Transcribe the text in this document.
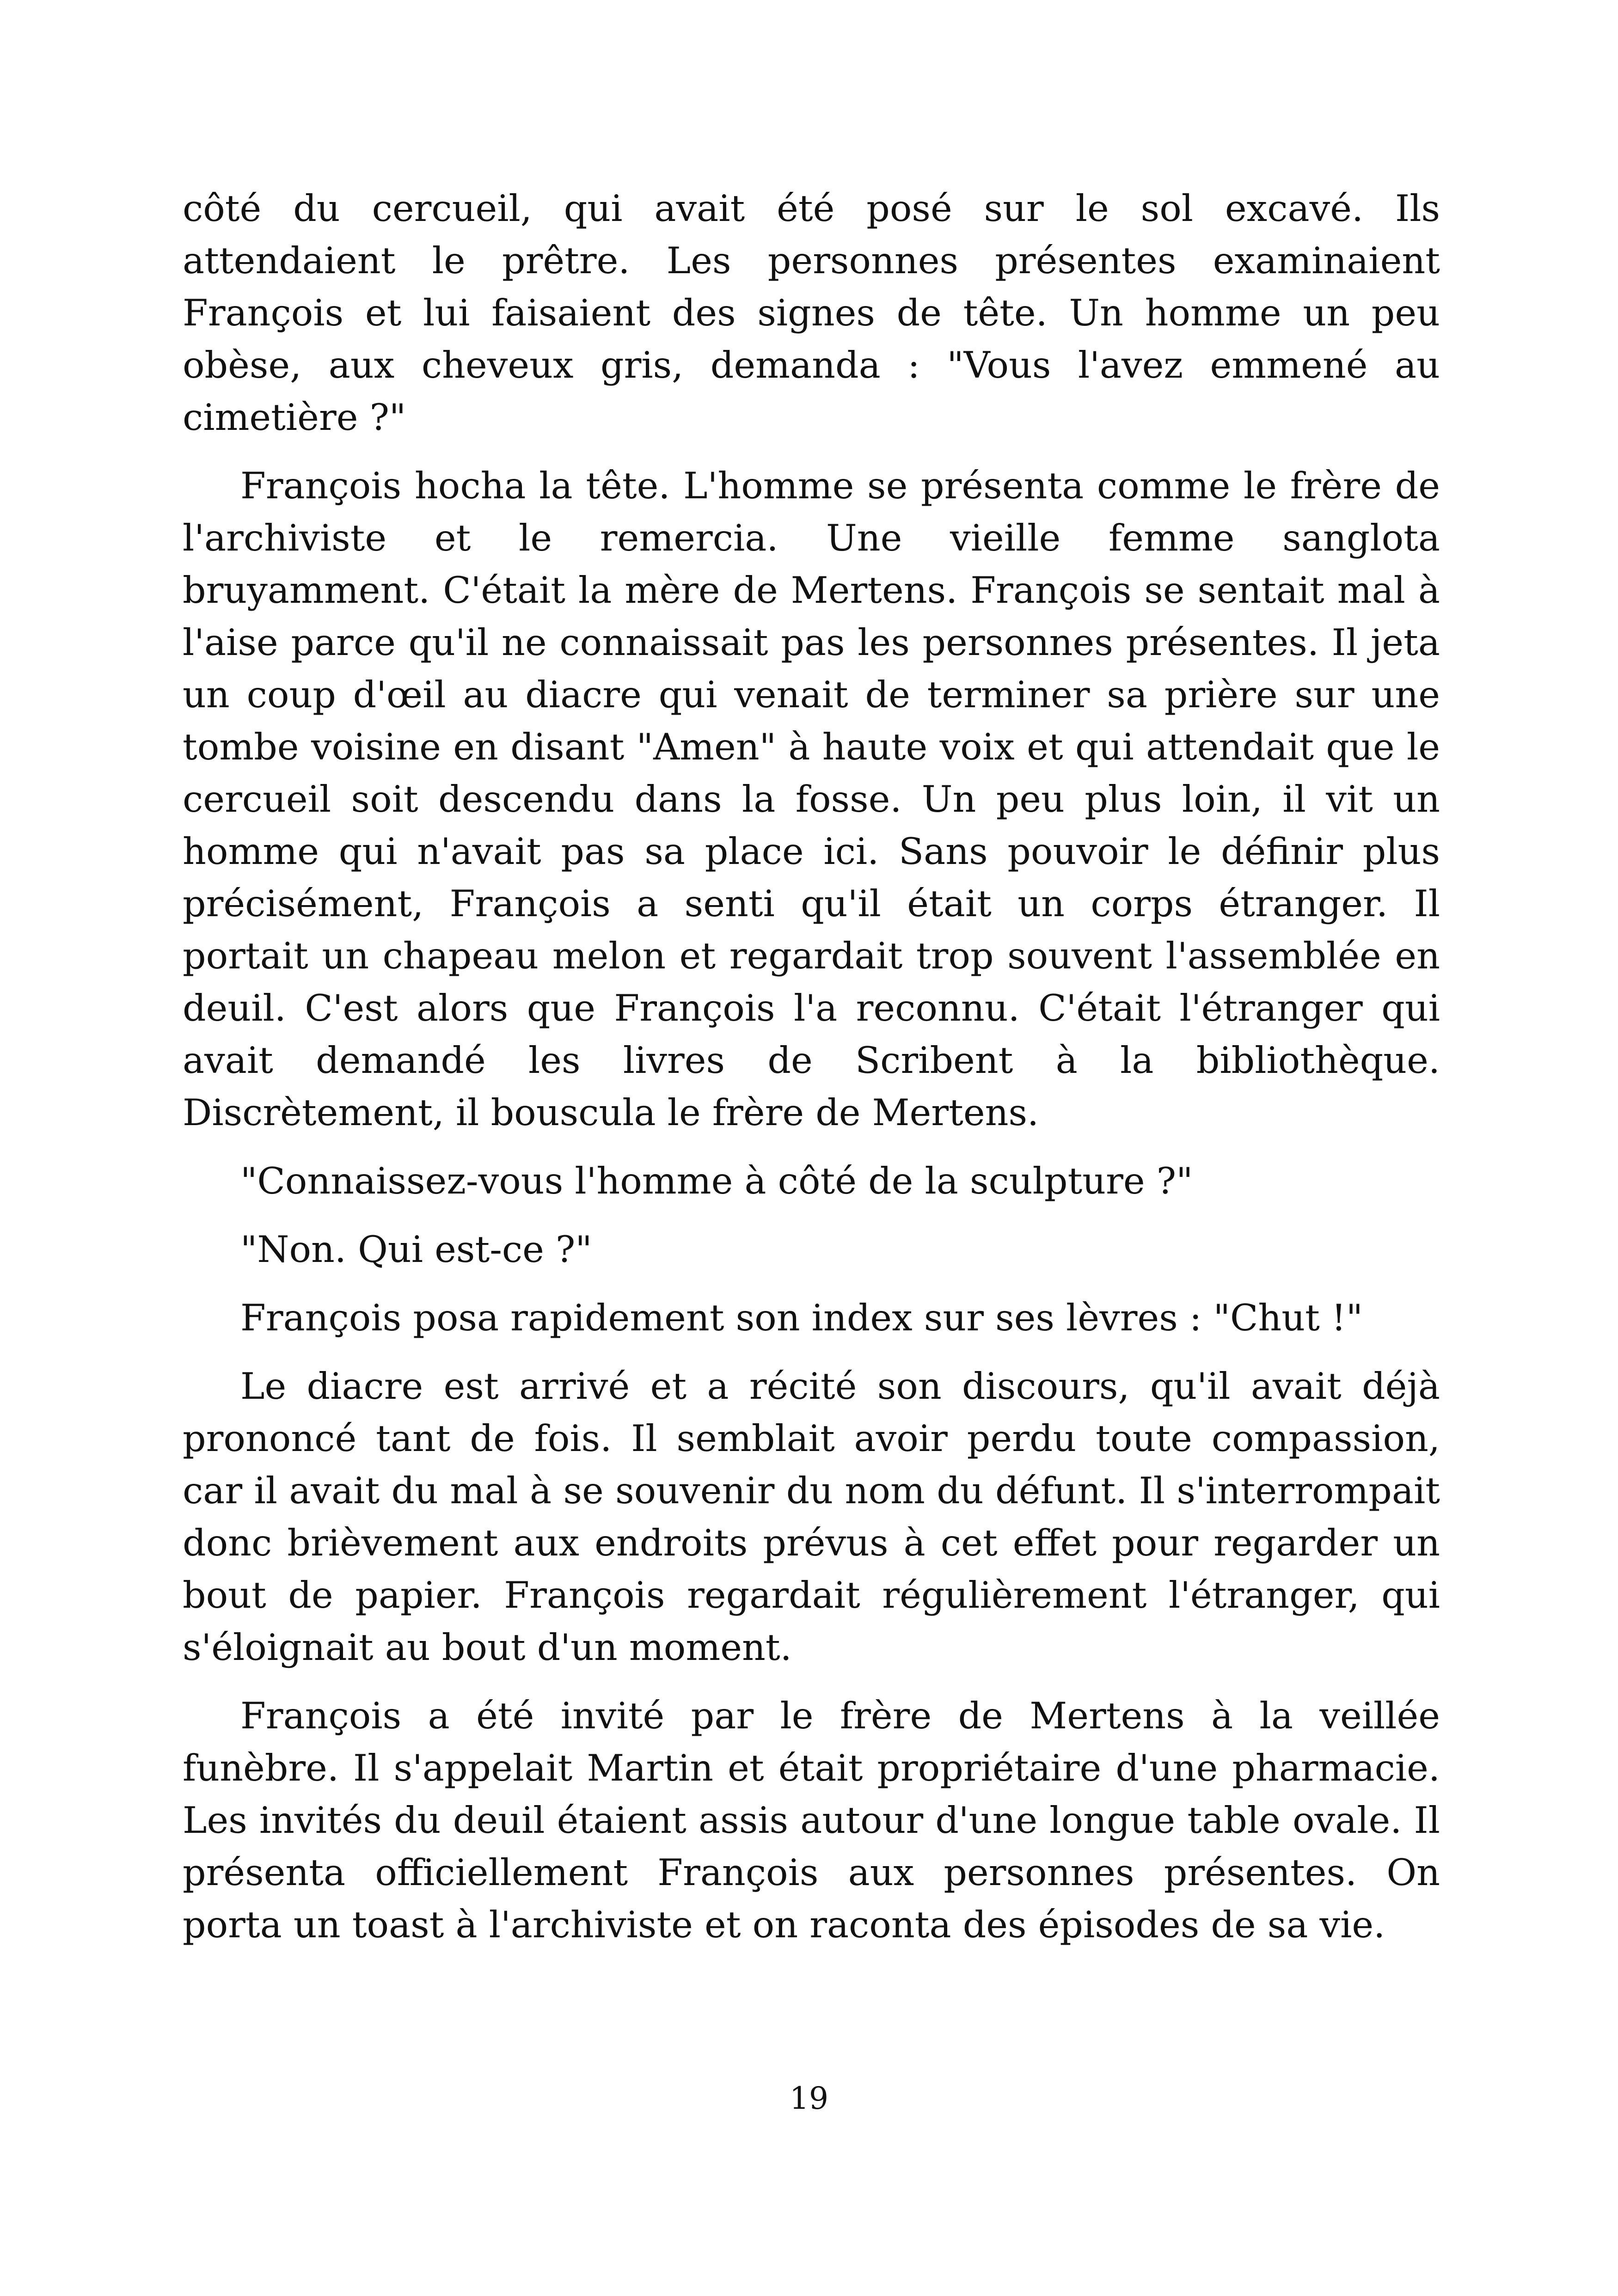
côté du cercueil, qui avait été posé sur le sol excavé. Ils attendaient le prêtre. Les personnes présentes examinaient François et lui faisaient des signes de tête. Un homme un peu obèse, aux cheveux gris, demanda : "Vous l'avez emmené au cimetière ?"

François hocha la tête. L'homme se présenta comme le frère de l'archiviste et le remercia. Une vieille femme sanglota bruyamment. C'était la mère de Mertens. François se sentait mal à l'aise parce qu'il ne connaissait pas les personnes présentes. Il jeta un coup d'œil au diacre qui venait de terminer sa prière sur une tombe voisine en disant "Amen" à haute voix et qui attendait que le cercueil soit descendu dans la fosse. Un peu plus loin, il vit un homme qui n'avait pas sa place ici. Sans pouvoir le définir plus précisément, François a senti qu'il était un corps étranger. Il portait un chapeau melon et regardait trop souvent l'assemblée en deuil. C'est alors que François l'a reconnu. C'était l'étranger qui avait demandé les livres de Scribent à la bibliothèque. Discrètement, il bouscula le frère de Mertens.

"Connaissez-vous l'homme à côté de la sculpture ?"

"Non. Qui est-ce ?"

François posa rapidement son index sur ses lèvres : "Chut !"

Le diacre est arrivé et a récité son discours, qu'il avait déjà prononcé tant de fois. Il semblait avoir perdu toute compassion, car il avait du mal à se souvenir du nom du défunt. Il s'interrompait donc brièvement aux endroits prévus à cet effet pour regarder un bout de papier. François regardait régulièrement l'étranger, qui s'éloignait au bout d'un moment.

François a été invité par le frère de Mertens à la veillée funèbre. Il s'appelait Martin et était propriétaire d'une pharmacie. Les invités du deuil étaient assis autour d'une longue table ovale. Il présenta officiellement François aux personnes présentes. On porta un toast à l'archiviste et on raconta des épisodes de sa vie.

19
